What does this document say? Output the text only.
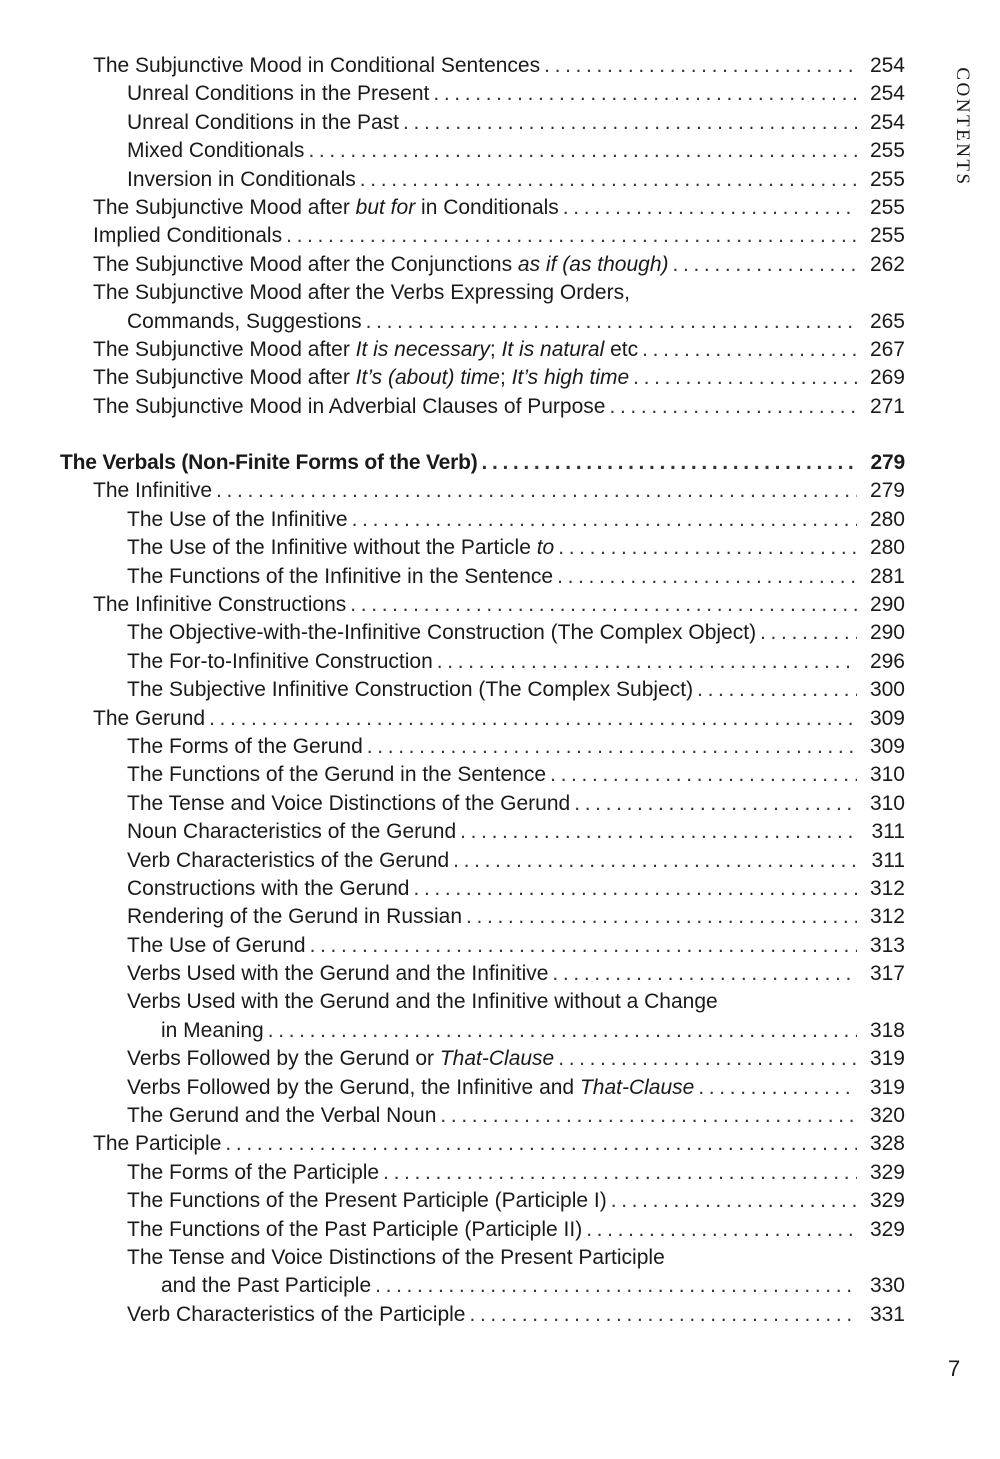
The Subjunctive Mood in Conditional Sentences . . .	254
Unreal Conditions in the Present . . .	254
Unreal Conditions in the Past . . .	254
Mixed Conditionals . . .	255
Inversion in Conditionals . . .	255
The Subjunctive Mood after but for in Conditionals . . .	255
Implied Conditionals . . .	255
The Subjunctive Mood after the Conjunctions as if (as though) . . .	262
The Subjunctive Mood after the Verbs Expressing Orders,
Commands, Suggestions . . .	265
The Subjunctive Mood after It is necessary; It is natural etc . . .	267
The Subjunctive Mood after It’s (about) time; It’s high time . . .	269
The Subjunctive Mood in Adverbial Clauses of Purpose . . .	271
The Verbals (Non-Finite Forms of the Verb) . . .	279
The Infinitive . . .	279
The Use of the Infinitive . . .	280
The Use of the Infinitive without the Particle to . . .	280
The Functions of the Infinitive in the Sentence . . .	281
The Infinitive Constructions . . .	290
The Objective-with-the-Infinitive Construction (The Complex Object) . . .	290
The For-to-Infinitive Construction . . .	296
The Subjective Infinitive Construction (The Complex Subject) . . .	300
The Gerund . . .	309
The Forms of the Gerund . . .	309
The Functions of the Gerund in the Sentence . . .	310
The Tense and Voice Distinctions of the Gerund . . .	310
Noun Characteristics of the Gerund . . .	311
Verb Characteristics of the Gerund . . .	311
Constructions with the Gerund . . .	312
Rendering of the Gerund in Russian . . .	312
The Use of Gerund . . .	313
Verbs Used with the Gerund and the Infinitive . . .	317
Verbs Used with the Gerund and the Infinitive without a Change
in Meaning . . .	318
Verbs Followed by the Gerund or That-Clause . . .	319
Verbs Followed by the Gerund, the Infinitive and That-Clause . . .	319
The Gerund and the Verbal Noun . . .	320
The Participle . . .	328
The Forms of the Participle . . .	329
The Functions of the Present Participle (Participle I) . . .	329
The Functions of the Past Participle (Participle II) . . .	329
The Tense and Voice Distinctions of the Present Participle
and the Past Participle . . .	330
Verb Characteristics of the Participle . . .	331
CONTENTS
7
